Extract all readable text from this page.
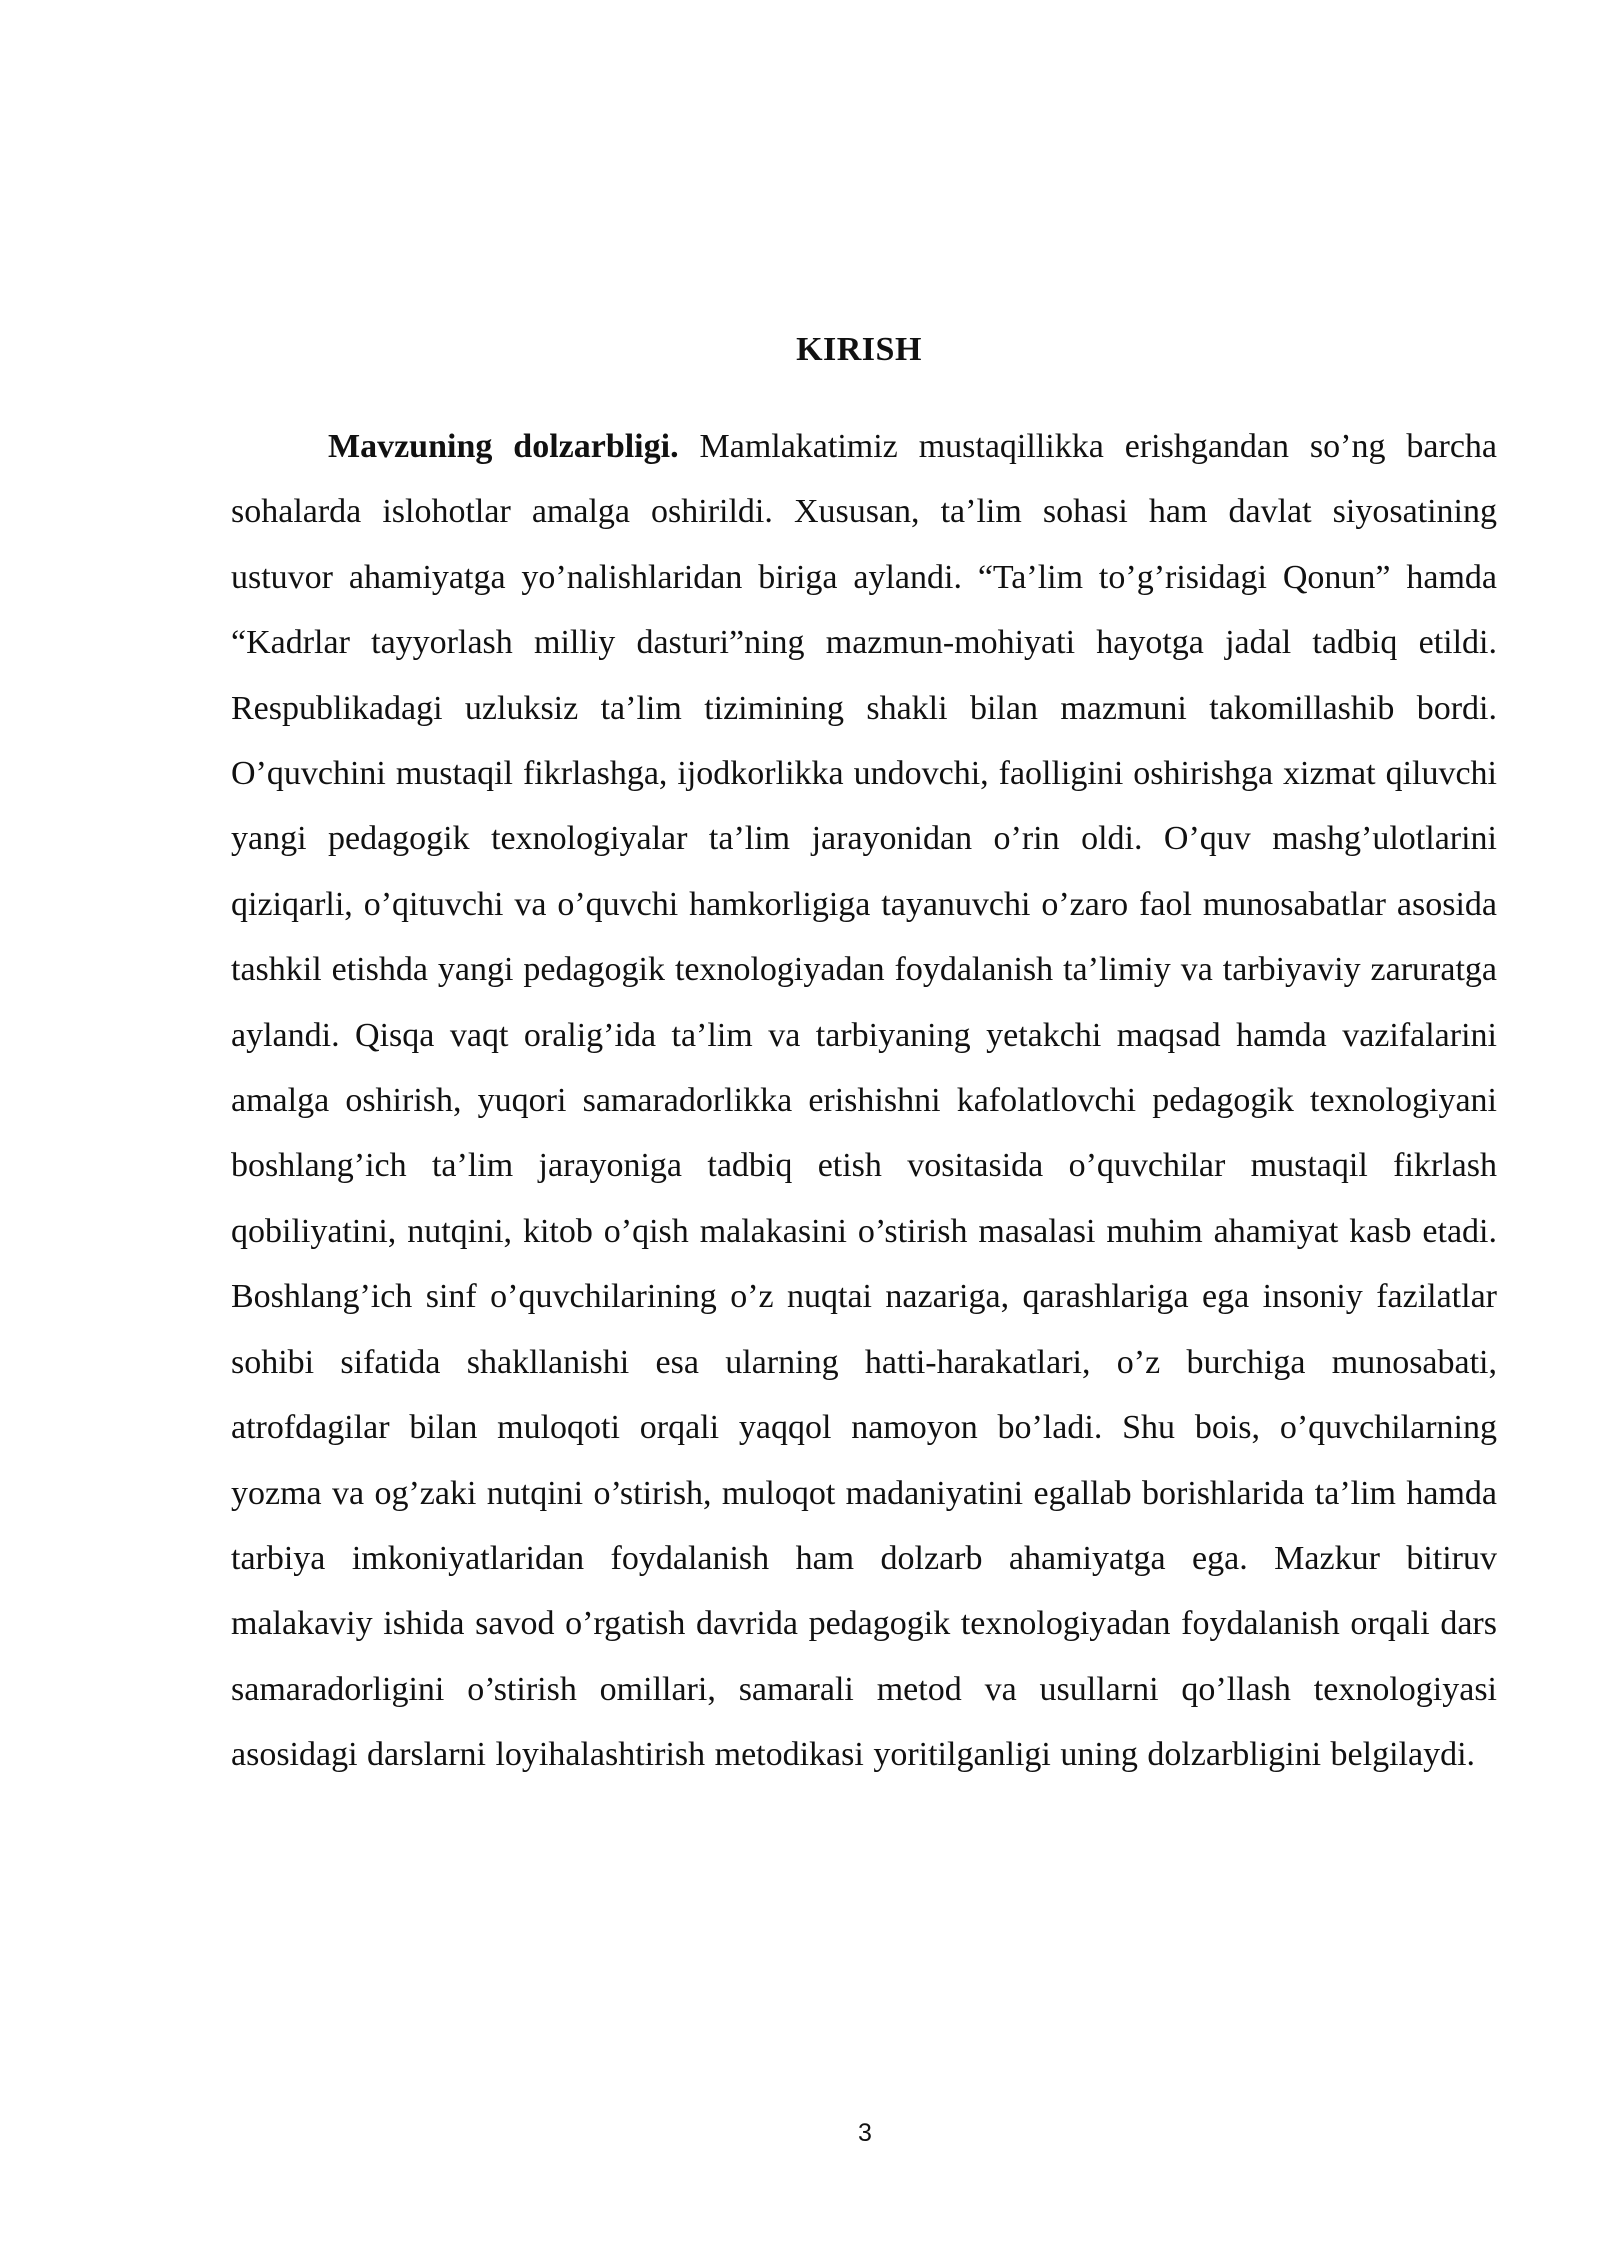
KIRISH

Mavzuning dolzarbligi. Mamlakatimiz mustaqillikka erishgandan so’ng barcha sohalarda islohotlar amalga oshirildi. Xususan, ta’lim sohasi ham davlat siyosatining ustuvor ahamiyatga yo’nalishlaridan biriga aylandi. “Ta’lim to’g’risidagi Qonun” hamda “Kadrlar tayyorlash milliy dasturi”ning mazmun-mohiyati hayotga jadal tadbiq etildi. Respublikadagi uzluksiz ta’lim tizimining shakli bilan mazmuni takomillashib bordi. O’quvchini mustaqil fikrlashga, ijodkorlikka undovchi, faolligini oshirishga xizmat qiluvchi yangi pedagogik texnologiyalar ta’lim jarayonidan o’rin oldi. O’quv mashg’ulotlarini qiziqarli, o’qituvchi va o’quvchi hamkorligiga tayanuvchi o’zaro faol munosabatlar asosida tashkil etishda yangi pedagogik texnologiyadan foydalanish ta’limiy va tarbiyaviy zaruratga aylandi. Qisqa vaqt oralig’ida ta’lim va tarbiyaning yetakchi maqsad hamda vazifalarini amalga oshirish, yuqori samaradorlikka erishishni kafolatlovchi pedagogik texnologiyani boshlang’ich ta’lim jarayoniga tadbiq etish vositasida o’quvchilar mustaqil fikrlash qobiliyatini, nutqini, kitob o’qish malakasini o’stirish masalasi muhim ahamiyat kasb etadi. Boshlang’ich sinf o’quvchilarining o’z nuqtai nazariga, qarashlariga ega insoniy fazilatlar sohibi sifatida shakllanishi esa ularning hatti-harakatlari, o’z burchiga munosabati, atrofdagilar bilan muloqoti orqali yaqqol namoyon bo’ladi. Shu bois, o’quvchilarning yozma va og’zaki nutqini o’stirish, muloqot madaniyatini egallab borishlarida ta’lim hamda tarbiya imkoniyatlaridan foydalanish ham dolzarb ahamiyatga ega. Mazkur bitiruv malakaviy ishida savod o’rgatish davrida pedagogik texnologiyadan foydalanish orqali dars samaradorligini o’stirish omillari, samarali metod va usullarni qo’llash texnologiyasi asosidagi darslarni loyihalashtirish metodikasi yoritilganligi uning dolzarbligini belgilaydi.

3
